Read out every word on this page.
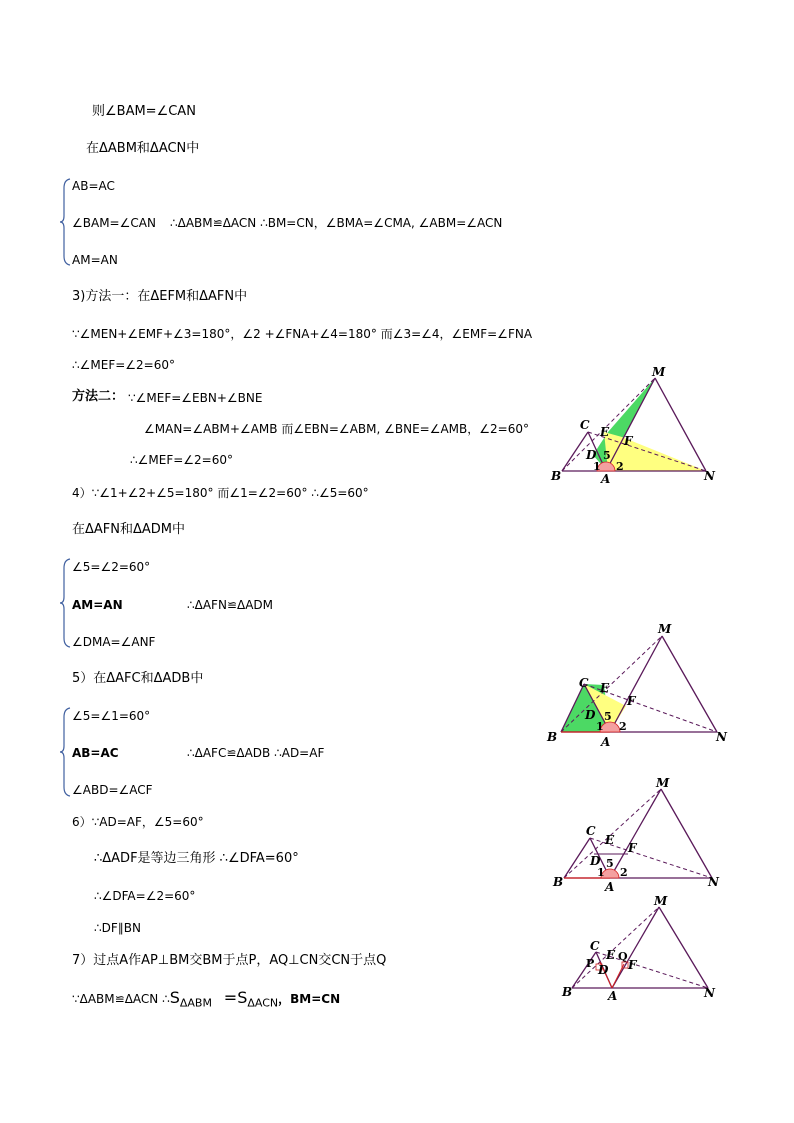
则∠BAM=∠CAN
在ΔABM和ΔACN中
AB=AC
∠BAM=∠CAN ∴ΔABM≌ΔACN ∴BM=CN，∠BMA=∠CMA, ∠ABM=∠ACN
AM=AN
3)方法一：在ΔEFM和ΔAFN中
∵∠MEN+∠EMF+∠3=180°，∠2 +∠FNA+∠4=180° 而∠3=∠4，∠EMF=∠FNA
∴∠MEF=∠2=60°
方法二： ∵∠MEF=∠EBN+∠BNE
∠MAN=∠ABM+∠AMB 而∠EBN=∠ABM, ∠BNE=∠AMB，∠2=60°
∴∠MEF=∠2=60°
4）∵∠1+∠2+∠5=180° 而∠1=∠2=60° ∴∠5=60°
在ΔAFN和ΔADM中
∠5=∠2=60°
AM=AN	∴ΔAFN≌ΔADM
∠DMA=∠ANF
5）在ΔAFC和ΔADB中
∠5=∠1=60°
AB=AC	∴ΔAFC≌ΔADB ∴AD=AF
∠ABD=∠ACF
6）∵AD=AF，∠5=60°
∴ΔADF是等边三角形 ∴∠DFA=60°
∴∠DFA=∠2=60°
∴DF∥BN
7）过点A作AP⊥BM交BM于点P，AQ⊥CN交CN于点Q
∵ΔABM≌ΔACN $\therefore S_{\Delta ABM} =S_{\Delta ACN}$，BM=CN
M
C E
F
D
B	A	N
1 2
5
M
C E
F
D
B	A	N
1 2
5
M
C
E
F
D
B	A	N
1 2
5
M
C
E
F
D
P
Q
B	A	N
